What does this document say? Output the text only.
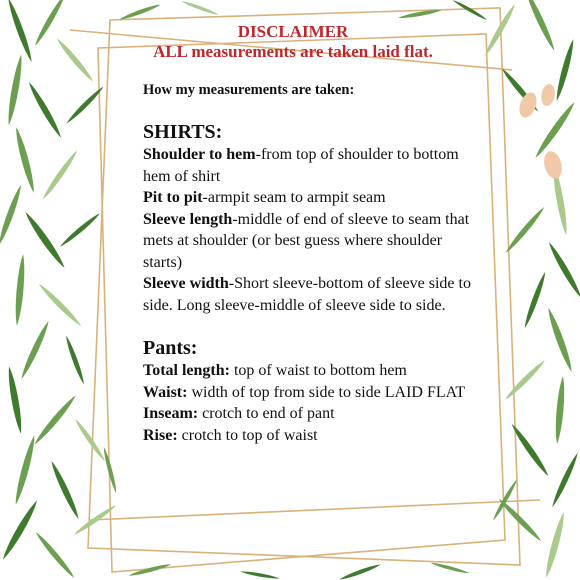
DISCLAIMER
ALL measurements are taken laid flat.
How my measurements are taken:
SHIRTS:

Shoulder to hem-from top of shoulder to bottom hem of shirt

Pit to pit-armpit seam to armpit seam

Sleeve length-middle of end of sleeve to seam that mets at shoulder (or best guess where shoulder starts)

Sleeve width-Short sleeve-bottom of sleeve side to side. Long sleeve-middle of sleeve side to side.

Pants:

Total length: top of waist to bottom hem

Waist: width of top from side to side LAID FLAT

Inseam: crotch to end of pant

Rise: crotch to top of waist
